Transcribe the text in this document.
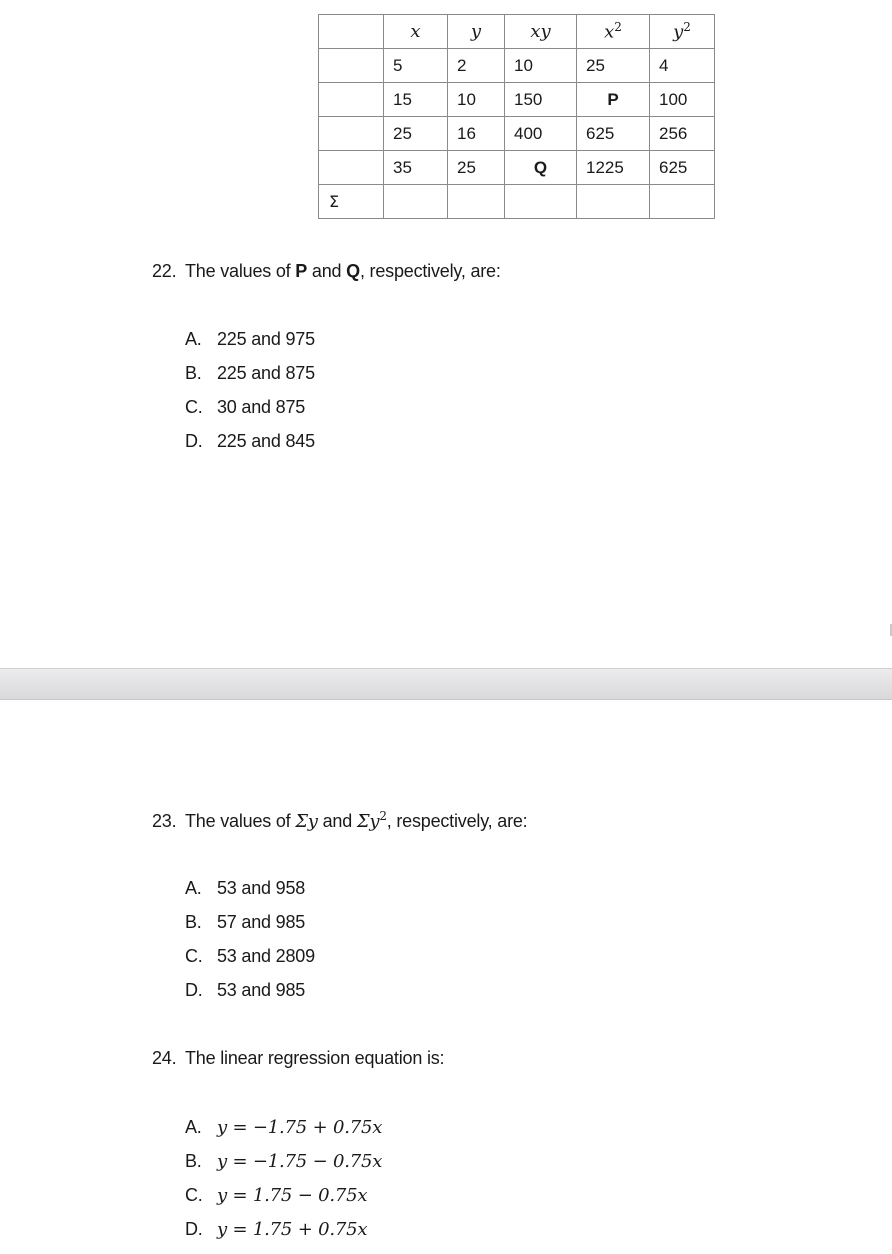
	x	y	xy	$x^2$	$y^2$
	5	2	10	25	4
	15	10	150	P	100
	25	16	400	625	256
	35	25	Q	1225	625
Σ					
22. The values of P and Q, respectively, are:
A. 225 and 975
B. 225 and 875
C. 30 and 875
D. 225 and 845
23. The values of Σy and $\Sigma y^2$, respectively, are:
A. 53 and 958
B. 57 and 985
C. 53 and 2809
D. 53 and 985
24. The linear regression equation is:
A. y = −1.75 + 0.75x
B. y = −1.75 − 0.75x
C. y = 1.75 − 0.75x
D. y = 1.75 + 0.75x
